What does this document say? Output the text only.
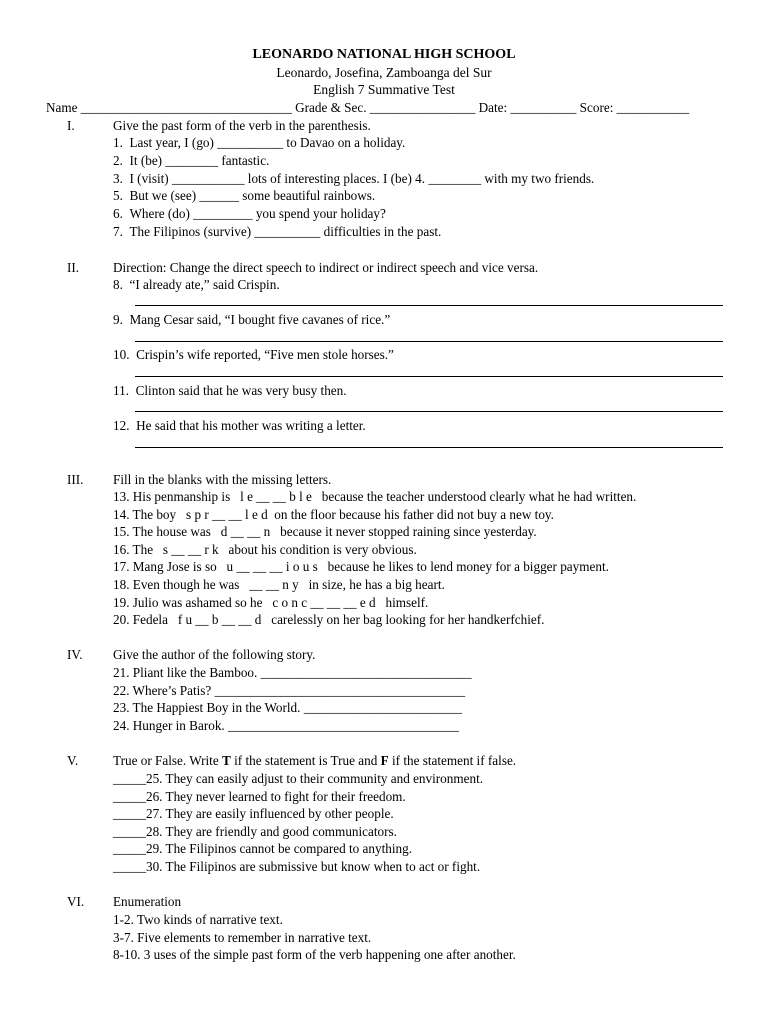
LEONARDO NATIONAL HIGH SCHOOL
Leonardo, Josefina, Zamboanga del Sur
English 7 Summative Test
Name ________________________________ Grade & Sec. ________________ Date: __________ Score: ___________
I.	Give the past form of the verb in the parenthesis.
1.  Last year, I (go) __________ to Davao on a holiday.
2.  It (be) ________ fantastic.
3.  I (visit) ___________ lots of interesting places. I (be) 4. ________ with my two friends.
5.  But we (see) ______ some beautiful rainbows.
6.  Where (do) _________ you spend your holiday?
7.  The Filipinos (survive) __________ difficulties in the past.
II.	Direction: Change the direct speech to indirect or indirect speech and vice versa.
8.  “I already ate,” said Crispin.
9.  Mang Cesar said, “I bought five cavanes of rice.”
10.  Crispin’s wife reported, “Five men stole horses.”
11.  Clinton said that he was very busy then.
12.  He said that his mother was writing a letter.
III. Fill in the blanks with the missing letters.
13. His penmanship is   l e __ __ b l e   because the teacher understood clearly what he had written.
14. The boy   s p r __ __ l e d  on the floor because his father did not buy a new toy.
15. The house was   d __ __ n   because it never stopped raining since yesterday.
16. The   s __ __ r k   about his condition is very obvious.
17. Mang Jose is so   u __ __ __ i o u s   because he likes to lend money for a bigger payment.
18. Even though he was   __ __ n y   in size, he has a big heart.
19. Julio was ashamed so he   c o n c __ __ __ e d   himself.
20. Fedela   f u __ b __ __ d   carelessly on her bag looking for her handkerfchief.
IV. Give the author of the following story.
21. Pliant like the Bamboo. ________________________________
22. Where’s Patis? ______________________________________
23. The Happiest Boy in the World. ________________________
24. Hunger in Barok. ___________________________________
V.	True or False. Write T if the statement is True and F if the statement if false.
_____25. They can easily adjust to their community and environment.
_____26. They never learned to fight for their freedom.
_____27. They are easily influenced by other people.
_____28. They are friendly and good communicators.
_____29. The Filipinos cannot be compared to anything.
_____30. The Filipinos are submissive but know when to act or fight.
VI. Enumeration
1-2. Two kinds of narrative text.
3-7. Five elements to remember in narrative text.
8-10. 3 uses of the simple past form of the verb happening one after another.
